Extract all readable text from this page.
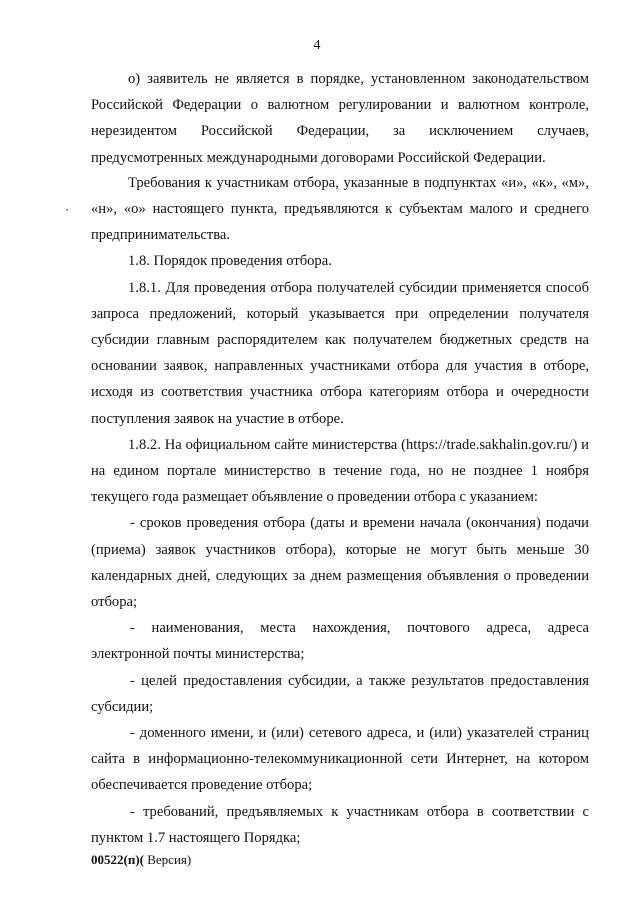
4

о) заявитель не является в порядке, установленном законодательством Российской Федерации о валютном регулировании и валютном контроле, нерезидентом Российской Федерации, за исключением случаев, предусмотренных международными договорами Российской Федерации.

Требования к участникам отбора, указанные в подпунктах «и», «к», «м», «н», «о» настоящего пункта, предъявляются к субъектам малого и среднего предпринимательства.

1.8. Порядок проведения отбора.

1.8.1. Для проведения отбора получателей субсидии применяется способ запроса предложений, который указывается при определении получателя субсидии главным распорядителем как получателем бюджетных средств на основании заявок, направленных участниками отбора для участия в отборе, исходя из соответствия участника отбора категориям отбора и очередности поступления заявок на участие в отборе.

1.8.2. На официальном сайте министерства (https://trade.sakhalin.gov.ru/) и на едином портале министерство в течение года, но не позднее 1 ноября текущего года размещает объявление о проведении отбора с указанием:

- сроков проведения отбора (даты и времени начала (окончания) подачи (приема) заявок участников отбора), которые не могут быть меньше 30 календарных дней, следующих за днем размещения объявления о проведении отбора;

- наименования, места нахождения, почтового адреса, адреса электронной почты министерства;

- целей предоставления субсидии, а также результатов предоставления субсидии;

- доменного имени, и (или) сетевого адреса, и (или) указателей страниц сайта в информационно-телекоммуникационной сети Интернет, на котором обеспечивается проведение отбора;

- требований, предъявляемых к участникам отбора в соответствии с пунктом 1.7 настоящего Порядка;

00522(п)( Версия)
